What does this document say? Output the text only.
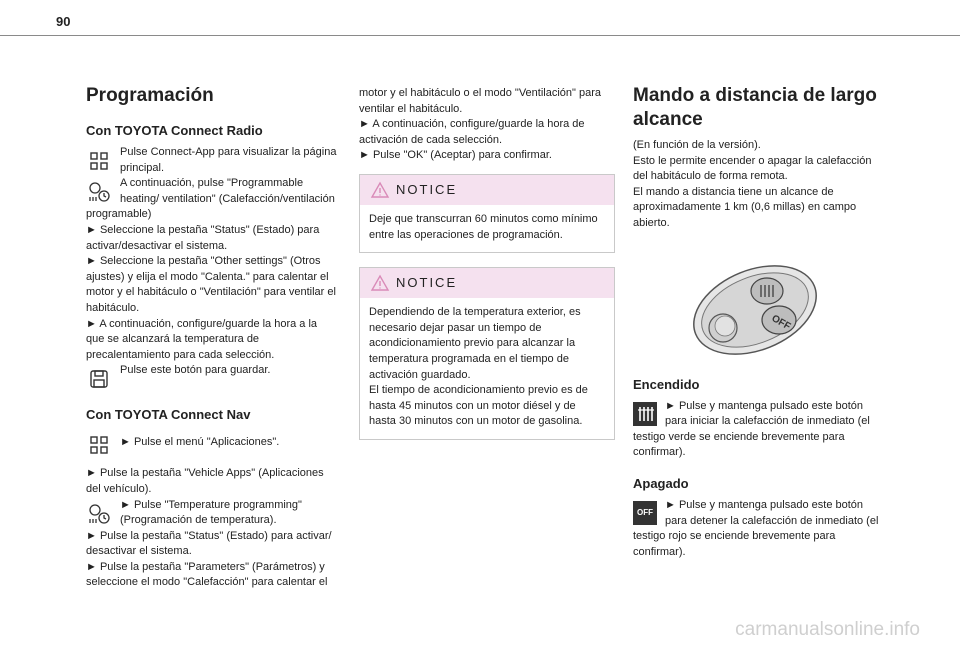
90
Programación
Con TOYOTA Connect Radio

Pulse Connect-App para visualizar la página principal.

A continuación, pulse "Programmable heating/ ventilation" (Calefacción/ventilación programable)

► Seleccione la pestaña "Status" (Estado) para activar/desactivar el sistema.

► Seleccione la pestaña "Other settings" (Otros ajustes) y elija el modo "Calenta." para calentar el motor y el habitáculo o "Ventilación" para ventilar el habitáculo.

► A continuación, configure/guarde la hora a la que se alcanzará la temperatura de precalentamiento para cada selección.

Pulse este botón para guardar.

Con TOYOTA Connect Nav

► Pulse el menú "Aplicaciones".

► Pulse la pestaña "Vehicle Apps" (Aplicaciones del vehículo).

► Pulse "Temperature programming" (Programación de temperatura).

► Pulse la pestaña "Status" (Estado) para activar/ desactivar el sistema.

► Pulse la pestaña "Parameters" (Parámetros) y seleccione el modo "Calefacción" para calentar el

motor y el habitáculo o el modo "Ventilación" para ventilar el habitáculo.

► A continuación, configure/guarde la hora de activación de cada selección.

► Pulse "OK" (Aceptar) para confirmar.

NOTICE

Deje que transcurran 60 minutos como mínimo entre las operaciones de programación.

NOTICE

Dependiendo de la temperatura exterior, es necesario dejar pasar un tiempo de acondicionamiento previo para alcanzar la temperatura programada en el tiempo de activación guardado.

El tiempo de acondicionamiento previo es de hasta 45 minutos con un motor diésel y de hasta 30 minutos con un motor de gasolina.

Mando a distancia de largo alcance

(En función de la versión).

Esto le permite encender o apagar la calefacción del habitáculo de forma remota.

El mando a distancia tiene un alcance de aproximadamente 1 km (0,6 millas) en campo abierto.

OFF
Encendido

► Pulse y mantenga pulsado este botón para iniciar la calefacción de inmediato (el testigo verde se enciende brevemente para confirmar).

Apagado
OFF

► Pulse y mantenga pulsado este botón para detener la calefacción de inmediato (el testigo rojo se enciende brevemente para confirmar).

carmanualsonline.info
